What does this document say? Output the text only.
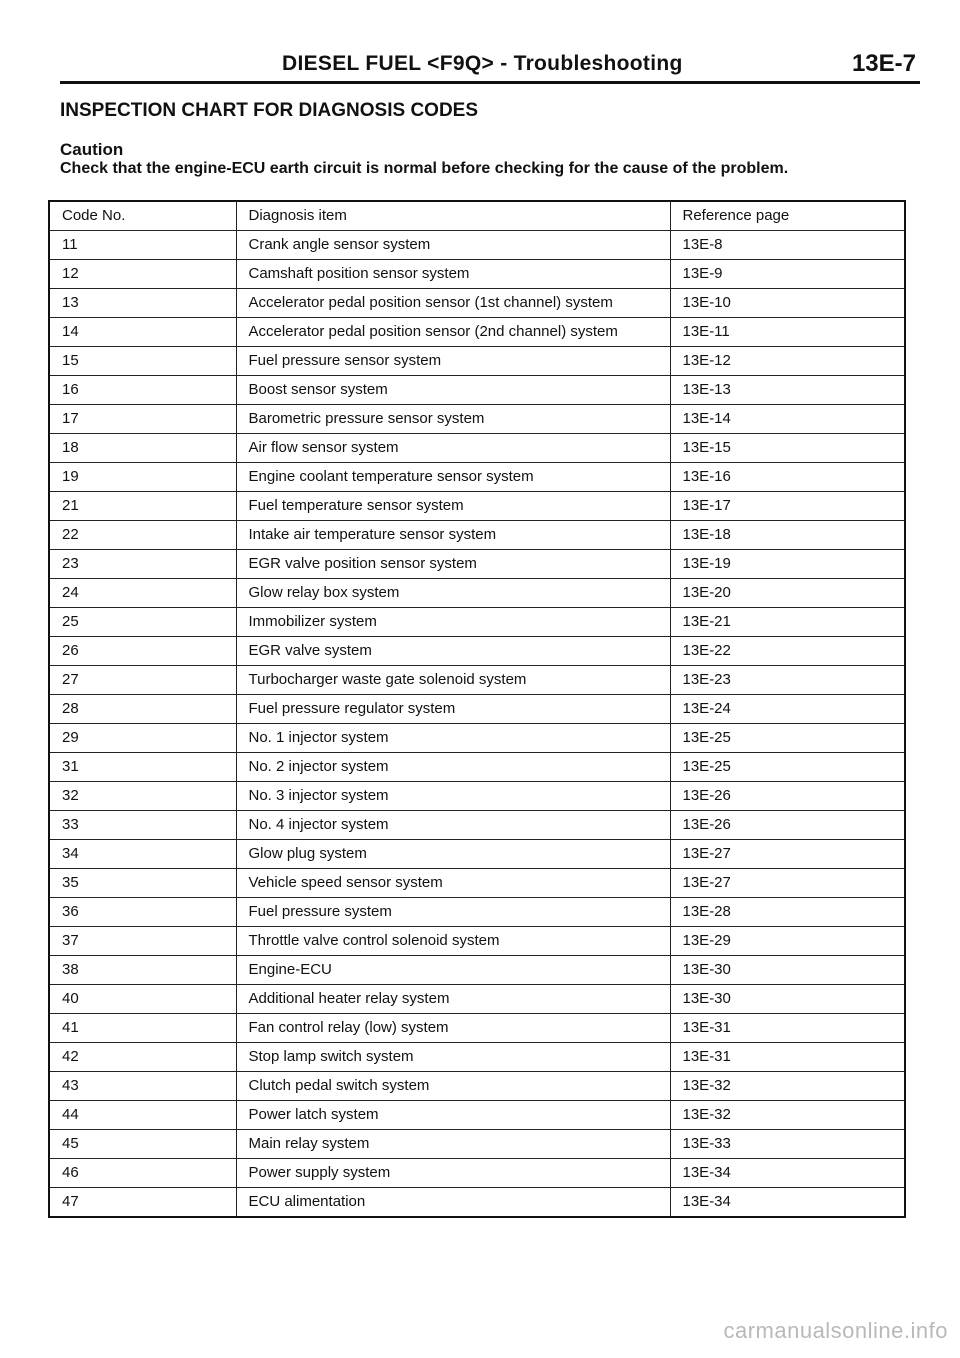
DIESEL FUEL <F9Q> - Troubleshooting	13E-7
INSPECTION CHART FOR DIAGNOSIS CODES
Caution
Check that the engine-ECU earth circuit is normal before checking for the cause of the problem.
Code No.	Diagnosis item	Reference page
11	Crank angle sensor system	13E-8
12	Camshaft position sensor system	13E-9
13	Accelerator pedal position sensor (1st channel) system	13E-10
14	Accelerator pedal position sensor (2nd channel) system	13E-11
15	Fuel pressure sensor system	13E-12
16	Boost sensor system	13E-13
17	Barometric pressure sensor system	13E-14
18	Air flow sensor system	13E-15
19	Engine coolant temperature sensor system	13E-16
21	Fuel temperature sensor system	13E-17
22	Intake air temperature sensor system	13E-18
23	EGR valve position sensor system	13E-19
24	Glow relay box system	13E-20
25	Immobilizer system	13E-21
26	EGR valve system	13E-22
27	Turbocharger waste gate solenoid system	13E-23
28	Fuel pressure regulator system	13E-24
29	No. 1 injector system	13E-25
31	No. 2 injector system	13E-25
32	No. 3 injector system	13E-26
33	No. 4 injector system	13E-26
34	Glow plug system	13E-27
35	Vehicle speed sensor system	13E-27
36	Fuel pressure system	13E-28
37	Throttle valve control solenoid system	13E-29
38	Engine-ECU	13E-30
40	Additional heater relay system	13E-30
41	Fan control relay (low) system	13E-31
42	Stop lamp switch system	13E-31
43	Clutch pedal switch system	13E-32
44	Power latch system	13E-32
45	Main relay system	13E-33
46	Power supply system	13E-34
47	ECU alimentation	13E-34
carmanualsonline.info
